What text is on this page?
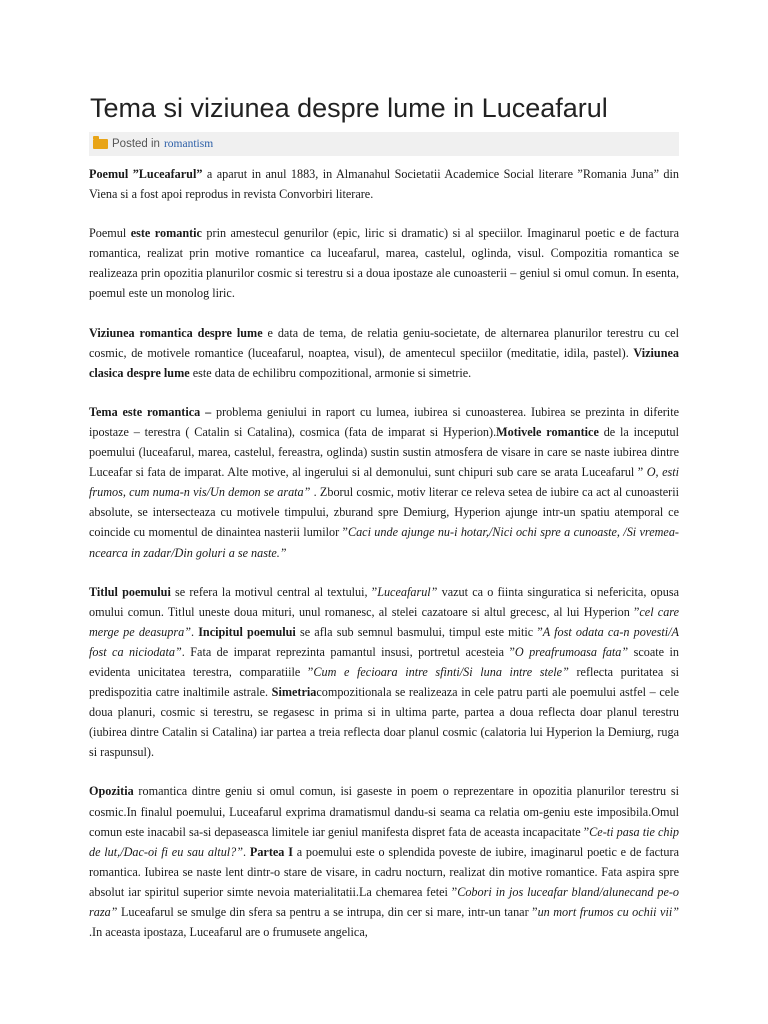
Tema si viziunea despre lume in Luceafarul
Posted in romantism

Poemul ”Luceafarul” a aparut in anul 1883, in Almanahul Societatii Academice Social literare ”Romania Juna” din Viena si a fost apoi reprodus in revista Convorbiri literare.

Poemul este romantic prin amestecul genurilor (epic, liric si dramatic) si al speciilor. Imaginarul poetic e de factura romantica, realizat prin motive romantice ca luceafarul, marea, castelul, oglinda, visul. Compozitia romantica se realizeaza prin opozitia planurilor cosmic si terestru si a doua ipostaze ale cunoasterii – geniul si omul comun. In esenta, poemul este un monolog liric.

Viziunea romantica despre lume e data de tema, de relatia geniu-societate, de alternarea planurilor terestru cu cel cosmic, de motivele romantice (luceafarul, noaptea, visul), de amentecul speciilor (meditatie, idila, pastel). Viziunea clasica despre lume este data de echilibru compozitional, armonie si simetrie.

Tema este romantica – problema geniului in raport cu lumea, iubirea si cunoasterea. Iubirea se prezinta in diferite ipostaze – terestra ( Catalin si Catalina), cosmica (fata de imparat si Hyperion).Motivele romantice de la inceputul poemului (luceafarul, marea, castelul, fereastra, oglinda) sustin sustin atmosfera de visare in care se naste iubirea dintre Luceafar si fata de imparat. Alte motive, al ingerului si al demonului, sunt chipuri sub care se arata Luceafarul ” O, esti frumos, cum numa-n vis/Un demon se arata” . Zborul cosmic, motiv literar ce releva setea de iubire ca act al cunoasterii absolute, se intersecteaza cu motivele timpului, zburand spre Demiurg, Hyperion ajunge intr-un spatiu atemporal ce coincide cu momentul de dinaintea nasterii lumilor ”Caci unde ajunge nu-i hotar,/Nici ochi spre a cunoaste, /Si vremea-ncearca in zadar/Din goluri a se naste.”

Titlul poemului se refera la motivul central al textului, ”Luceafarul” vazut ca o fiinta singuratica si nefericita, opusa omului comun. Titlul uneste doua mituri, unul romanesc, al stelei cazatoare si altul grecesc, al lui Hyperion ”cel care merge pe deasupra”. Incipitul poemului se afla sub semnul basmului, timpul este mitic ”A fost odata ca-n povesti/A fost ca niciodata”. Fata de imparat reprezinta pamantul insusi, portretul acesteia ”O preafrumoasa fata” scoate in evidenta unicitatea terestra, comparatiile ”Cum e fecioara intre sfinti/Si luna intre stele” reflecta puritatea si predispozitia catre inaltimile astrale. Simetriacompozitionala se realizeaza in cele patru parti ale poemului astfel – cele doua planuri, cosmic si terestru, se regasesc in prima si in ultima parte, partea a doua reflecta doar planul terestru (iubirea dintre Catalin si Catalina) iar partea a treia reflecta doar planul cosmic (calatoria lui Hyperion la Demiurg, ruga si raspunsul).

Opozitia romantica dintre geniu si omul comun, isi gaseste in poem o reprezentare in opozitia planurilor terestru si cosmic.In finalul poemului, Luceafarul exprima dramatismul dandu-si seama ca relatia om-geniu este imposibila.Omul comun este inacabil sa-si depaseasca limitele iar geniul manifesta dispret fata de aceasta incapacitate ”Ce-ti pasa tie chip de lut,/Dac-oi fi eu sau altul?”. Partea I a poemului este o splendida poveste de iubire, imaginarul poetic e de factura romantica. Iubirea se naste lent dintr-o stare de visare, in cadru nocturn, realizat din motive romantice. Fata aspira spre absolut iar spiritul superior simte nevoia materialitatii.La chemarea fetei ”Cobori in jos luceafar bland/alunecand pe-o raza” Luceafarul se smulge din sfera sa pentru a se intrupa, din cer si mare, intr-un tanar ”un mort frumos cu ochii vii” .In aceasta ipostaza, Luceafarul are o frumusete angelica,
